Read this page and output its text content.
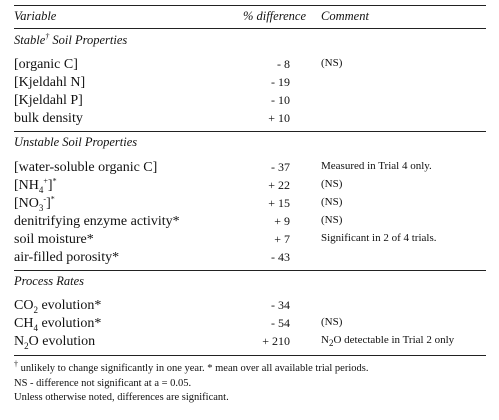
Variable	% difference Comment
Stable† Soil Properties
[organic C]	- 8	(NS)
[Kjeldahl N]	- 19
[Kjeldahl P]	- 10
bulk density	+ 10
Unstable Soil Properties
[water-soluble organic C]	- 37	Measured in Trial 4 only.
$[NH_4^+]^*$	+ 22	(NS)
$[NO_3^-]^*$	+ 15	(NS)
denitrifying enzyme activity*	+ 9	(NS)
soil moisture*	+ 7	Significant in 2 of 4 trials.
air-filled porosity*	- 43
Process Rates
$CO_2$ evolution*	- 34
$CH_4$ evolution*	- 54	(NS)
$N_2O$ evolution	+ 210	$N_2O$ detectable in Trial 2 only
† unlikely to change significantly in one year. * mean over all available trial periods.
NS - difference not significant at a = 0.05.
Unless otherwise noted, differences are significant.
